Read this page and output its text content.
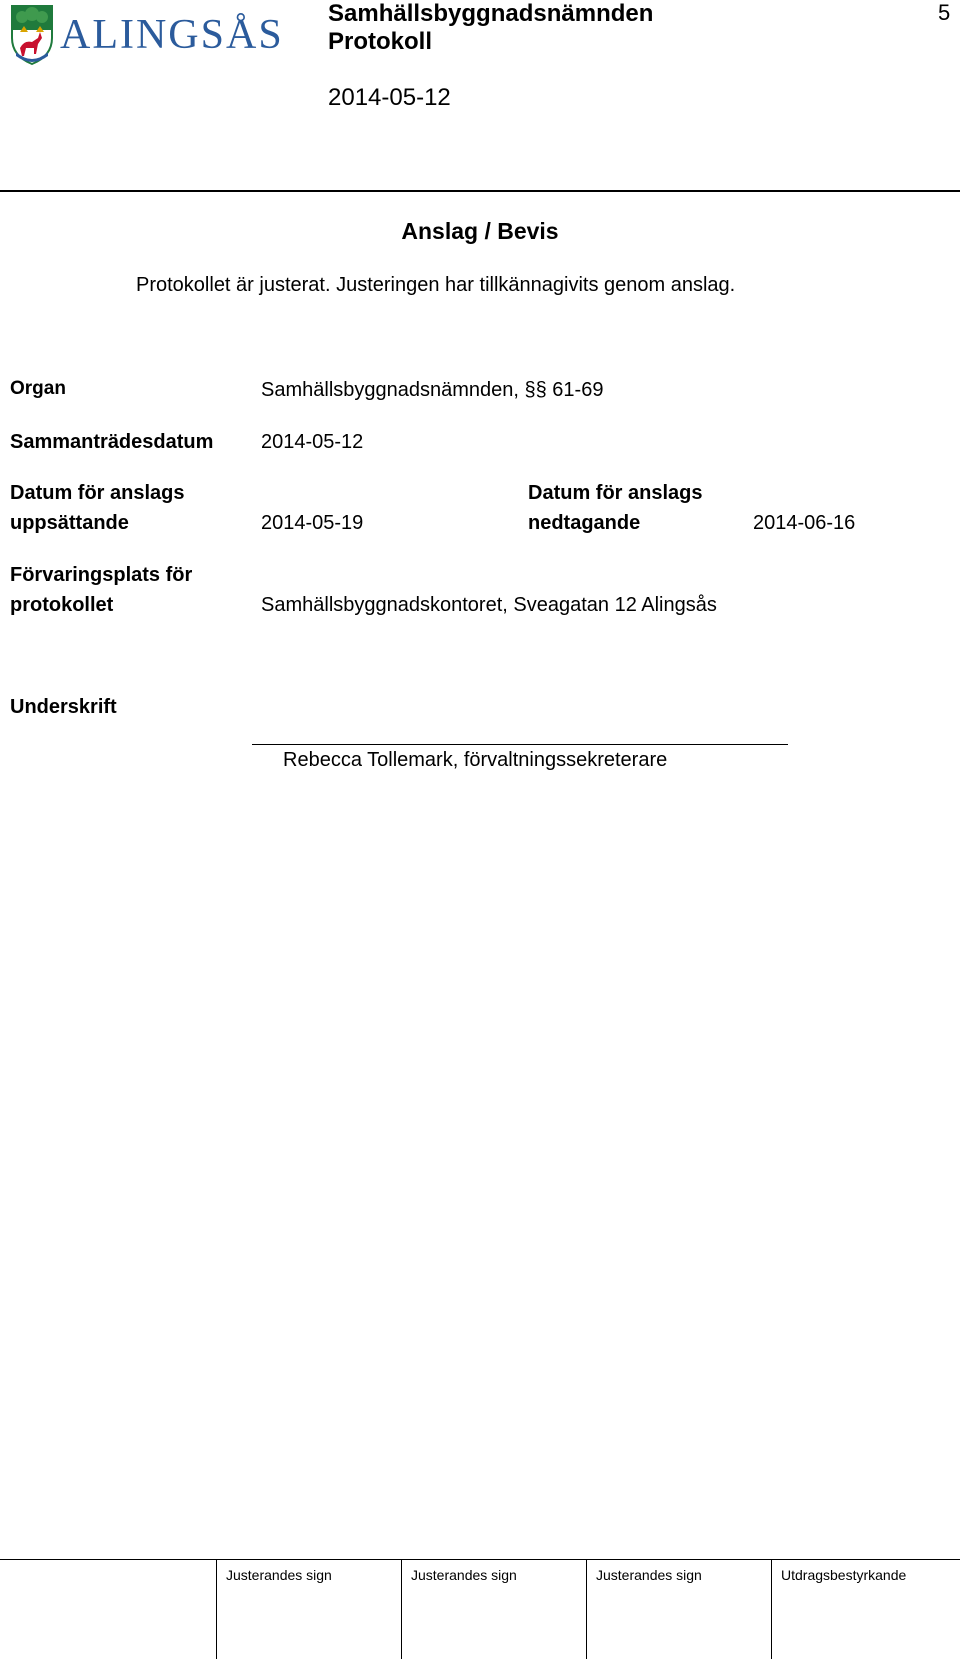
ALINGSÅS Samhällsbyggnadsnämnden
Protokoll
2014-05-12
5
Anslag / Bevis
Protokollet är justerat. Justeringen har tillkännagivits genom anslag.
Organ	Samhällsbyggnadsnämnden, §§ 61-69
Sammanträdesdatum 2014-05-12
Datum för anslags
uppsättande	2014-05-19
Datum för anslags
nedtagande	2014-06-16
Förvaringsplats för
protokollet	Samhällsbyggnadskontoret, Sveagatan 12 Alingsås
Underskrift
Rebecca Tollemark, förvaltningssekreterare
Justerandes sign	Justerandes sign	Justerandes sign	Utdragsbestyrkande
